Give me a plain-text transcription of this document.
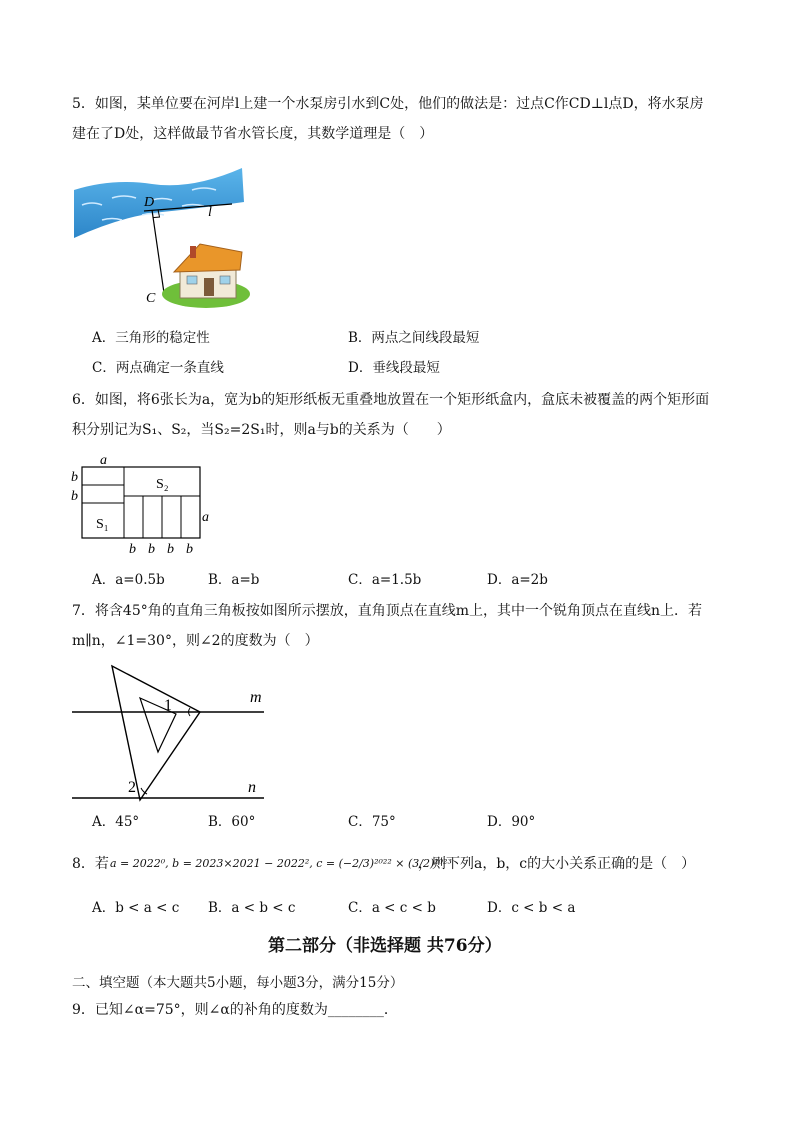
5．如图，某单位要在河岸l上建一个水泵房引水到C处，他们的做法是：过点C作CD⊥l点D，将水泵房
建在了D处，这样做最节省水管长度，其数学道理是（　）
D
l
C
A．三角形的稳定性	B．两点之间线段最短
C．两点确定一条直线	D．垂线段最短
6．如图，将6张长为a，宽为b的矩形纸板无重叠地放置在一个矩形纸盒内，盒底未被覆盖的两个矩形面
积分别记为S₁、S₂，当S₂=2S₁时，则a与b的关系为（　　）
a
b
b
S₂
S₁	a
b b b b
A．a=0.5b	B．a=b	C．a=1.5b	D．a=2b
7．将含45°角的直角三角板按如图所示摆放，直角顶点在直线m上，其中一个锐角顶点在直线n上．若
m∥n，∠1=30°，则∠2的度数为（　）
m
n
1
2
A．45°	B．60°	C．75°	D．90°
8．若 a = 2022⁰, b = 2023×2021 − 2022², c = (−2/3)²⁰²² × (3/2)²⁰²³
，则下列a，b，c的大小关系正确的是（　）
A．b < a < c B．a < b < c	C．a < c < b	D．c < b < a
第二部分（非选择题 共76分）
二、填空题（本大题共5小题，每小题3分，满分15分）
9．已知∠α=75°，则∠α的补角的度数为________．
